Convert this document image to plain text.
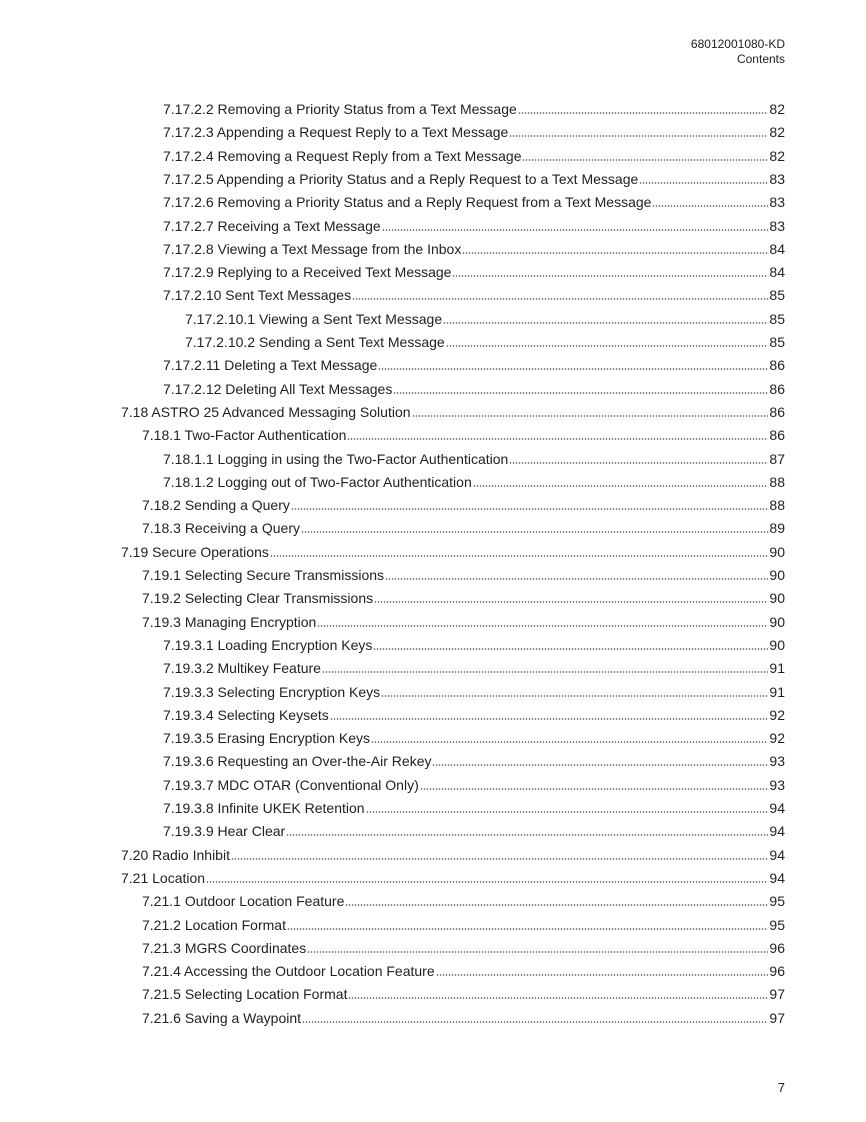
68012001080-KD
Contents
7.17.2.2 Removing a Priority Status from a Text Message	82
7.17.2.3 Appending a Request Reply to a Text Message	82
7.17.2.4 Removing a Request Reply from a Text Message	82
7.17.2.5 Appending a Priority Status and a Reply Request to a Text Message	83
7.17.2.6 Removing a Priority Status and a Reply Request from a Text Message	83
7.17.2.7 Receiving a Text Message	83
7.17.2.8 Viewing a Text Message from the Inbox	84
7.17.2.9 Replying to a Received Text Message	84
7.17.2.10 Sent Text Messages	85
7.17.2.10.1 Viewing a Sent Text Message	85
7.17.2.10.2 Sending a Sent Text Message	85
7.17.2.11 Deleting a Text Message	86
7.17.2.12 Deleting All Text Messages	86
7.18 ASTRO 25 Advanced Messaging Solution	86
7.18.1 Two-Factor Authentication	86
7.18.1.1 Logging in using the Two-Factor Authentication	87
7.18.1.2 Logging out of Two-Factor Authentication	88
7.18.2 Sending a Query	88
7.18.3 Receiving a Query	89
7.19 Secure Operations	90
7.19.1 Selecting Secure Transmissions	90
7.19.2 Selecting Clear Transmissions	90
7.19.3 Managing Encryption	90
7.19.3.1 Loading Encryption Keys	90
7.19.3.2 Multikey Feature	91
7.19.3.3 Selecting Encryption Keys	91
7.19.3.4 Selecting Keysets	92
7.19.3.5 Erasing Encryption Keys	92
7.19.3.6 Requesting an Over-the-Air Rekey	93
7.19.3.7 MDC OTAR (Conventional Only)	93
7.19.3.8 Infinite UKEK Retention	94
7.19.3.9 Hear Clear	94
7.20 Radio Inhibit	94
7.21 Location	94
7.21.1 Outdoor Location Feature	95
7.21.2 Location Format	95
7.21.3 MGRS Coordinates	96
7.21.4 Accessing the Outdoor Location Feature	96
7.21.5 Selecting Location Format	97
7.21.6 Saving a Waypoint	97
7
